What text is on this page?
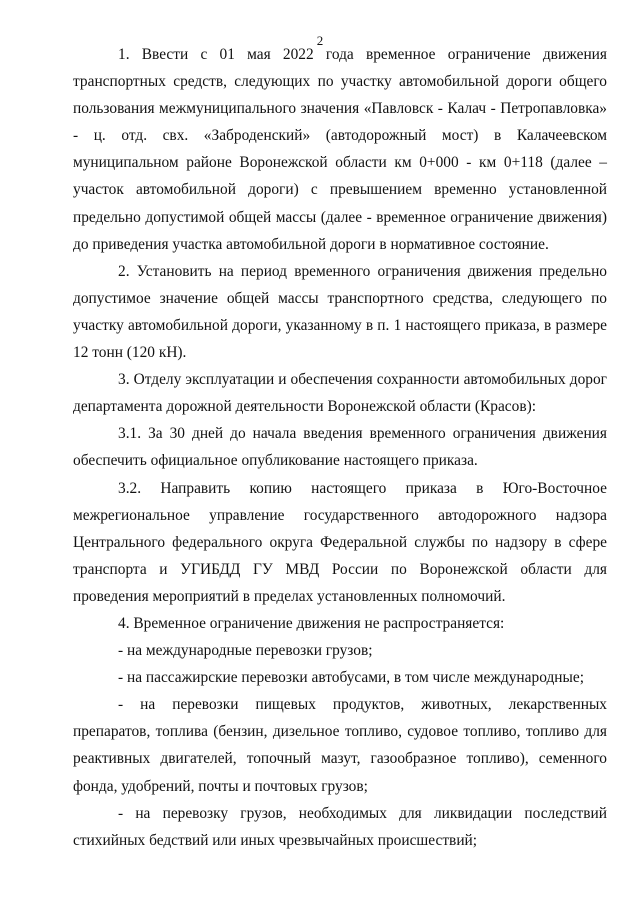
2

1. Ввести с 01 мая 2022 года временное ограничение движения транспортных средств, следующих по участку автомобильной дороги общего пользования межмуниципального значения «Павловск - Калач - Петропавловка» - ц. отд. свх. «Заброденский» (автодорожный мост) в Калачеевском муниципальном районе Воронежской области км 0+000 - км 0+118 (далее – участок автомобильной дороги) с превышением временно установленной предельно допустимой общей массы (далее - временное ограничение движения) до приведения участка автомобильной дороги в нормативное состояние.

2. Установить на период временного ограничения движения предельно допустимое значение общей массы транспортного средства, следующего по участку автомобильной дороги, указанному в п. 1 настоящего приказа, в размере 12 тонн (120 кН).

3. Отделу эксплуатации и обеспечения сохранности автомобильных дорог департамента дорожной деятельности Воронежской области (Красов):

3.1. За 30 дней до начала введения временного ограничения движения обеспечить официальное опубликование настоящего приказа.

3.2. Направить копию настоящего приказа в Юго-Восточное межрегиональное управление государственного автодорожного надзора Центрального федерального округа Федеральной службы по надзору в сфере транспорта и УГИБДД ГУ МВД России по Воронежской области для проведения мероприятий в пределах установленных полномочий.

4. Временное ограничение движения не распространяется:

- на международные перевозки грузов;

- на пассажирские перевозки автобусами, в том числе международные;

- на перевозки пищевых продуктов, животных, лекарственных препаратов, топлива (бензин, дизельное топливо, судовое топливо, топливо для реактивных двигателей, топочный мазут, газообразное топливо), семенного фонда, удобрений, почты и почтовых грузов;

- на перевозку грузов, необходимых для ликвидации последствий стихийных бедствий или иных чрезвычайных происшествий;
